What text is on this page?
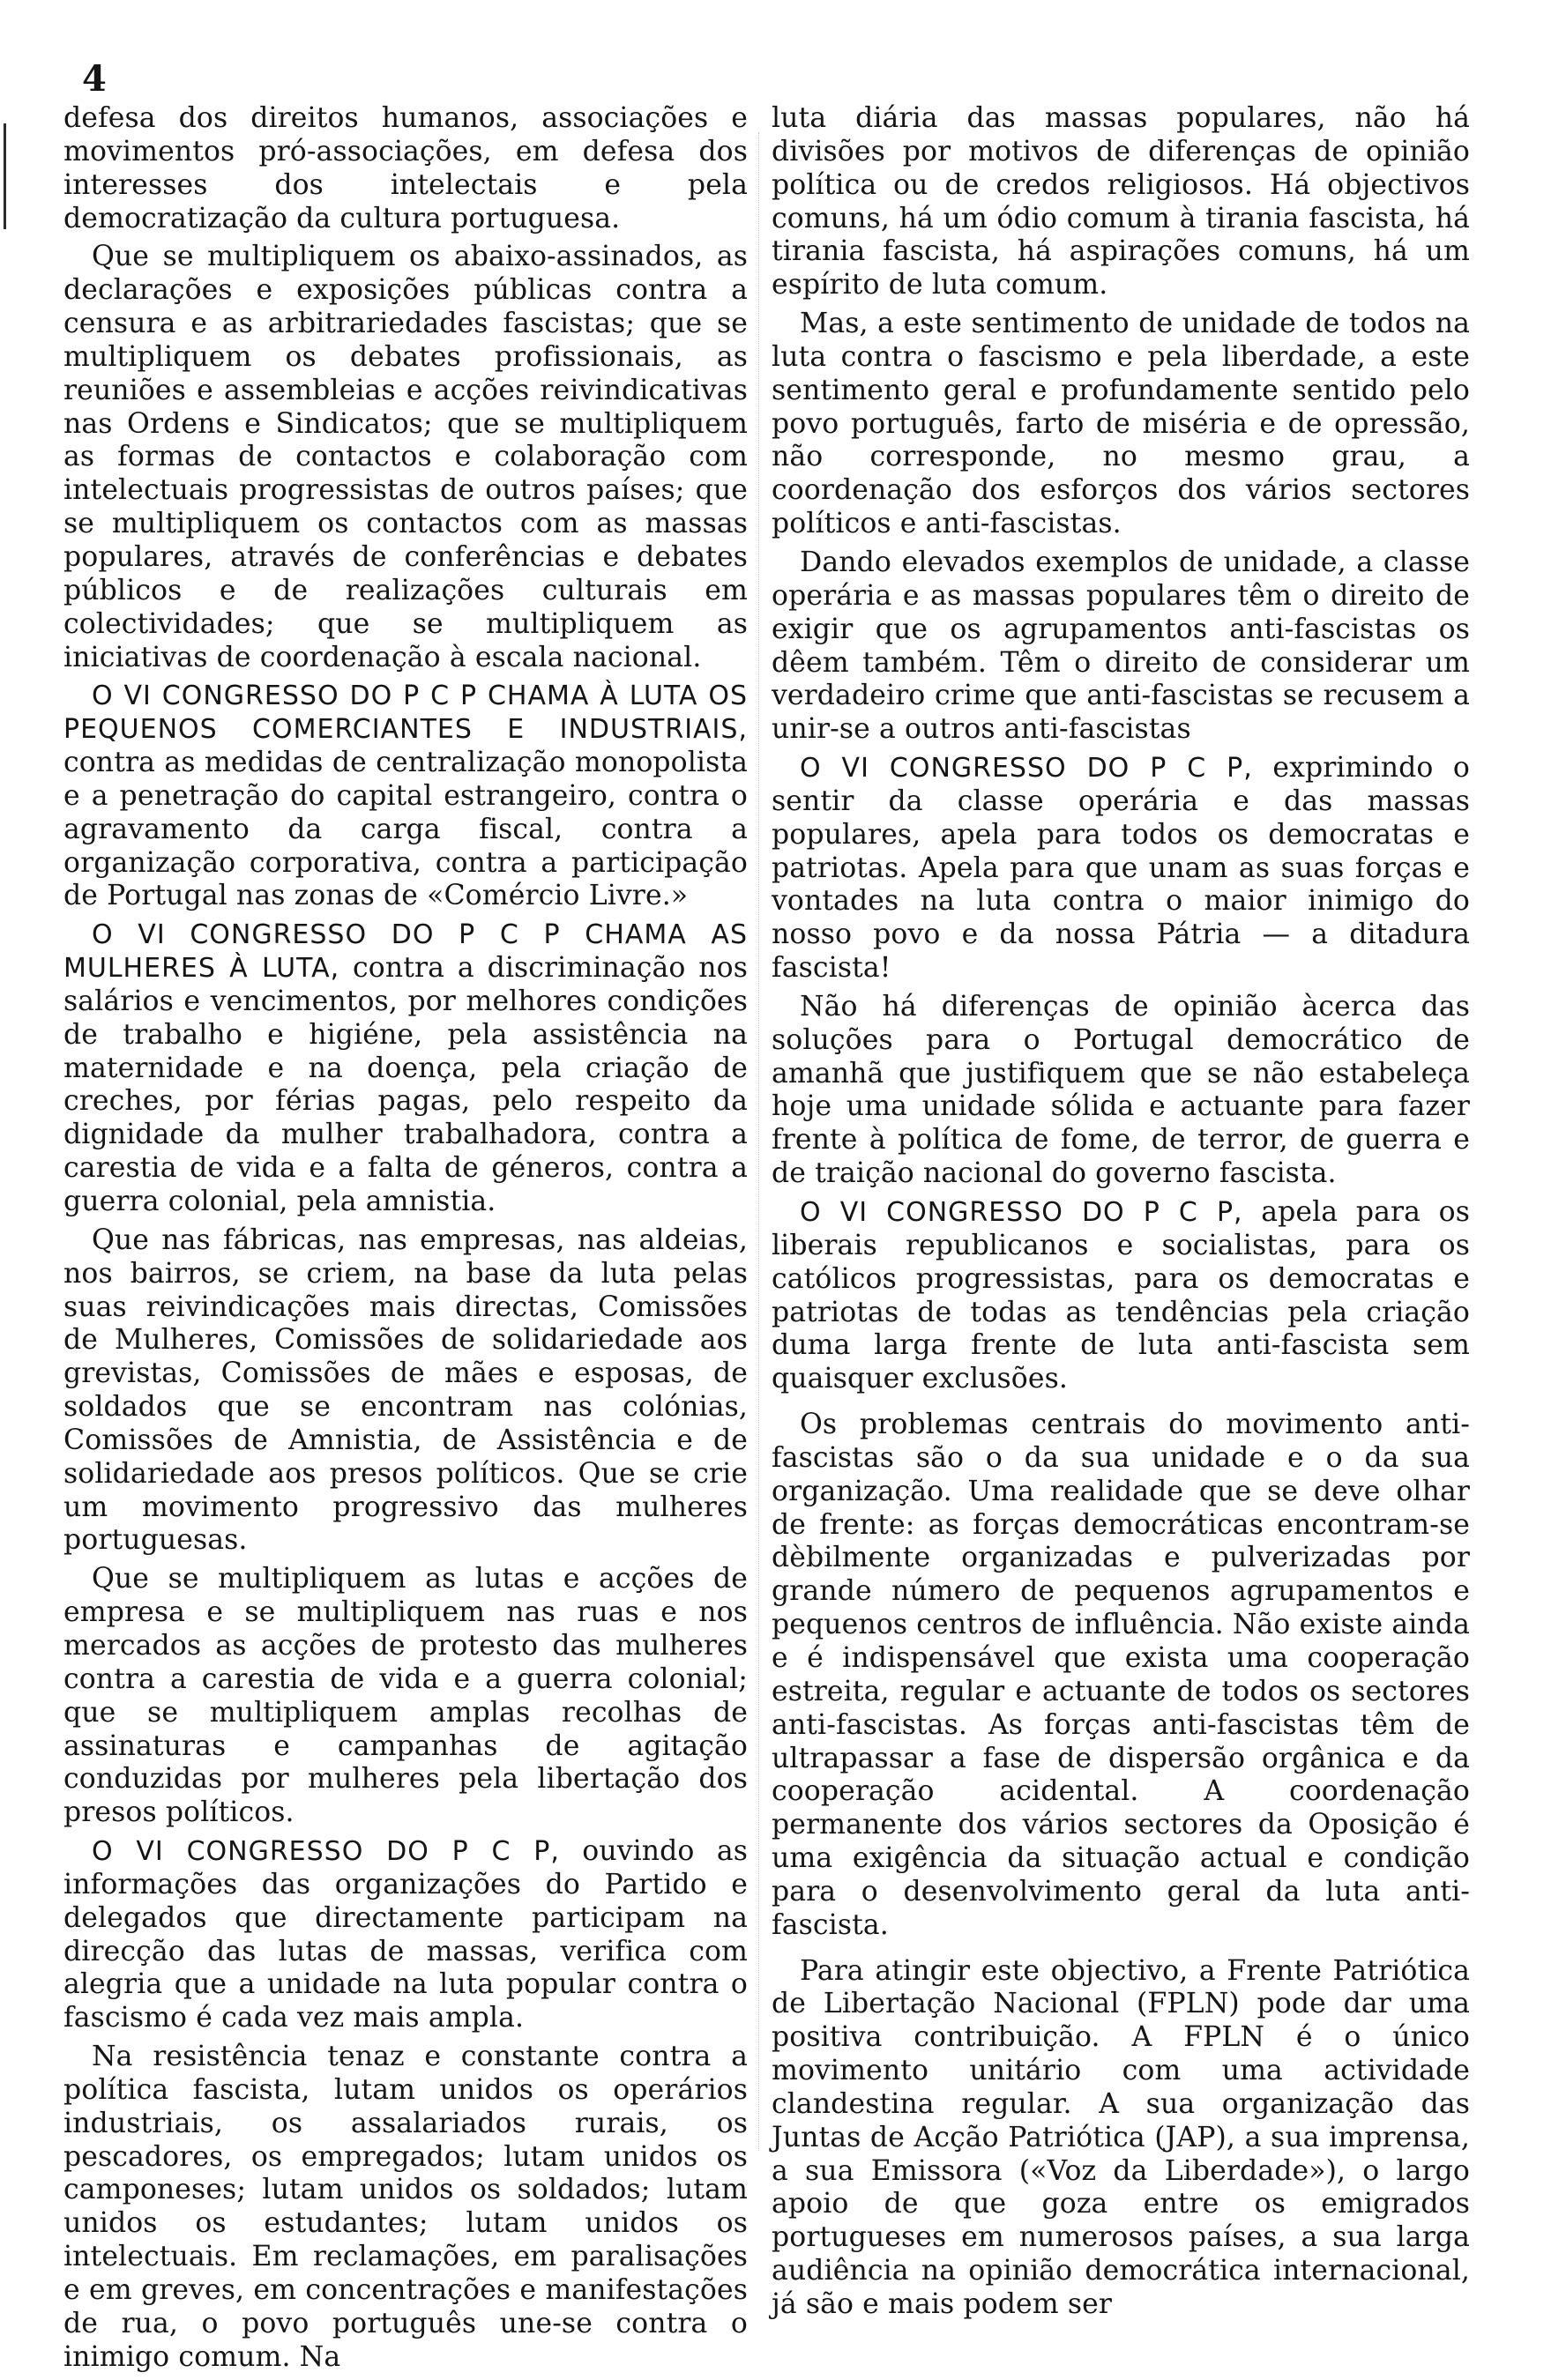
4

defesa dos direitos humanos, associações e movimentos pró-associações, em defesa dos interesses dos intelectais e pela democratização da cultura portuguesa.

Que se multipliquem os abaixo-assinados, as declarações e exposições públicas contra a censura e as arbitrariedades fascistas; que se multipliquem os debates profissionais, as reuniões e assembleias e acções reivindicativas nas Ordens e Sindicatos; que se multipliquem as formas de contactos e colaboração com intelectuais progressistas de outros países; que se multipliquem os contactos com as massas populares, através de conferências e debates públicos e de realizações culturais em colectividades; que se multipliquem as iniciativas de coordenação à escala nacional.

O VI CONGRESSO DO P C P CHAMA À LUTA OS PEQUENOS COMERCIANTES E INDUSTRIAIS, contra as medidas de centralização monopolista e a penetração do capital estrangeiro, contra o agravamento da carga fiscal, contra a organização corporativa, contra a participação de Portugal nas zonas de «Comércio Livre.»

O VI CONGRESSO DO P C P CHAMA AS MULHERES À LUTA, contra a discriminação nos salários e vencimentos, por melhores condições de trabalho e higiéne, pela assistência na maternidade e na doença, pela criação de creches, por férias pagas, pelo respeito da dignidade da mulher trabalhadora, contra a carestia de vida e a falta de géneros, contra a guerra colonial, pela amnistia.

Que nas fábricas, nas empresas, nas aldeias, nos bairros, se criem, na base da luta pelas suas reivindicações mais directas, Comissões de Mulheres, Comissões de solidariedade aos grevistas, Comissões de mães e esposas, de soldados que se encontram nas colónias, Comissões de Amnistia, de Assistência e de solidariedade aos presos políticos. Que se crie um movimento progressivo das mulheres portuguesas.

Que se multipliquem as lutas e acções de empresa e se multipliquem nas ruas e nos mercados as acções de protesto das mulheres contra a carestia de vida e a guerra colonial; que se multipliquem amplas recolhas de assinaturas e campanhas de agitação conduzidas por mulheres pela libertação dos presos políticos.

O VI CONGRESSO DO P C P, ouvindo as informações das organizações do Partido e delegados que directamente participam na direcção das lutas de massas, verifica com alegria que a unidade na luta popular contra o fascismo é cada vez mais ampla.

Na resistência tenaz e constante contra a política fascista, lutam unidos os operários industriais, os assalariados rurais, os pescadores, os empregados; lutam unidos os camponeses; lutam unidos os soldados; lutam unidos os estudantes; lutam unidos os intelectuais. Em reclamações, em paralisações e em greves, em concentrações e manifestações de rua, o povo português une-se contra o inimigo comum. Na

luta diária das massas populares, não há divisões por motivos de diferenças de opinião política ou de credos religiosos. Há objectivos comuns, há um ódio comum à tirania fascista, há tirania fascista, há aspirações comuns, há um espírito de luta comum.

Mas, a este sentimento de unidade de todos na luta contra o fascismo e pela liberdade, a este sentimento geral e profundamente sentido pelo povo português, farto de miséria e de opressão, não corresponde, no mesmo grau, a coordenação dos esforços dos vários sectores políticos e anti-fascistas.

Dando elevados exemplos de unidade, a classe operária e as massas populares têm o direito de exigir que os agrupamentos anti-fascistas os dêem também. Têm o direito de considerar um verdadeiro crime que anti-fascistas se recusem a unir-se a outros anti-fascistas

O VI CONGRESSO DO P C P, exprimindo o sentir da classe operária e das massas populares, apela para todos os democratas e patriotas. Apela para que unam as suas forças e vontades na luta contra o maior inimigo do nosso povo e da nossa Pátria — a ditadura fascista!

Não há diferenças de opinião àcerca das soluções para o Portugal democrático de amanhã que justifiquem que se não estabeleça hoje uma unidade sólida e actuante para fazer frente à política de fome, de terror, de guerra e de traição nacional do governo fascista.

O VI CONGRESSO DO P C P, apela para os liberais republicanos e socialistas, para os católicos progressistas, para os democratas e patriotas de todas as tendências pela criação duma larga frente de luta anti-fascista sem quaisquer exclusões.

Os problemas centrais do movimento anti-fascistas são o da sua unidade e o da sua organização. Uma realidade que se deve olhar de frente: as forças democráticas encontram-se dèbilmente organizadas e pulverizadas por grande número de pequenos agrupamentos e pequenos centros de influência. Não existe ainda e é indispensável que exista uma cooperação estreita, regular e actuante de todos os sectores anti-fascistas. As forças anti-fascistas têm de ultrapassar a fase de dispersão orgânica e da cooperação acidental. A coordenação permanente dos vários sectores da Oposição é uma exigência da situação actual e condição para o desenvolvimento geral da luta anti-fascista.

Para atingir este objectivo, a Frente Patriótica de Libertação Nacional (FPLN) pode dar uma positiva contribuição. A FPLN é o único movimento unitário com uma actividade clandestina regular. A sua organização das Juntas de Acção Patriótica (JAP), a sua imprensa, a sua Emissora («Voz da Liberdade»), o largo apoio de que goza entre os emigrados portugueses em numerosos países, a sua larga audiência na opinião democrática internacional, já são e mais podem ser
